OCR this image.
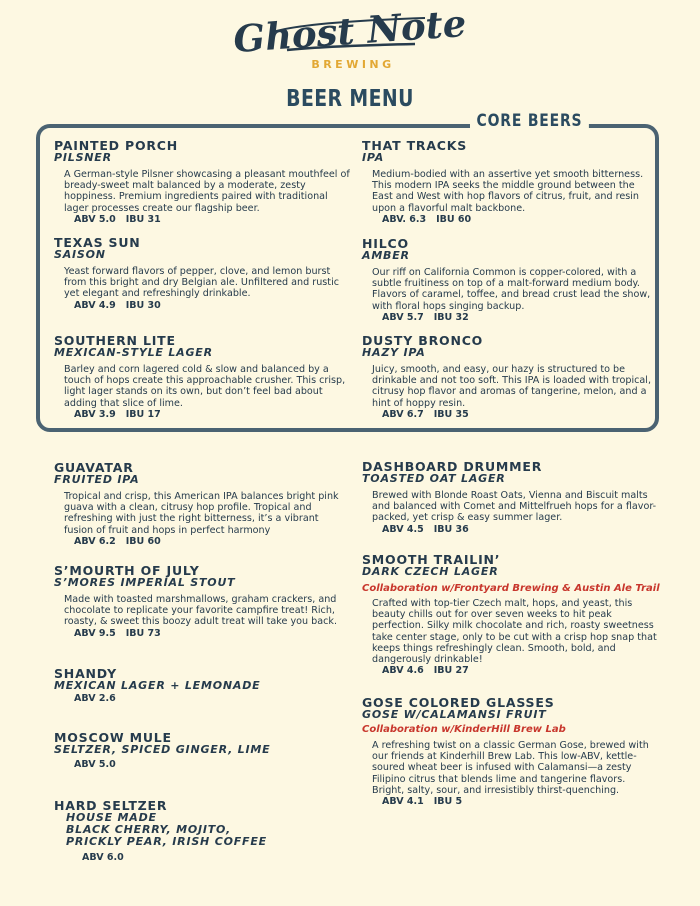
Ghost Note
BREWING
BEER MENU
CORE BEERS
PAINTED PORCH
PILSNER
A German-style Pilsner showcasing a pleasant mouthfeel of bready-sweet malt balanced by a moderate, zesty hoppiness. Premium ingredients paired with traditional lager processes create our flagship beer.
ABV 5.0 IBU 31
THAT TRACKS
IPA
Medium-bodied with an assertive yet smooth bitterness. This modern IPA seeks the middle ground between the East and West with hop flavors of citrus, fruit, and resin upon a flavorful malt backbone.
ABV. 6.3 IBU 60
TEXAS SUN
SAISON
Yeast forward flavors of pepper, clove, and lemon burst from this bright and dry Belgian ale. Unfiltered and rustic yet elegant and refreshingly drinkable.
ABV 4.9 IBU 30
HILCO
AMBER
Our riff on California Common is copper-colored, with a subtle fruitiness on top of a malt-forward medium body. Flavors of caramel, toffee, and bread crust lead the show, with floral hops singing backup.
ABV 5.7 IBU 32
SOUTHERN LITE
MEXICAN-STYLE LAGER
Barley and corn lagered cold & slow and balanced by a touch of hops create this approachable crusher. This crisp, light lager stands on its own, but don’t feel bad about adding that slice of lime.
ABV 3.9 IBU 17
DUSTY BRONCO
HAZY IPA
Juicy, smooth, and easy, our hazy is structured to be drinkable and not too soft. This IPA is loaded with tropical, citrusy hop flavor and aromas of tangerine, melon, and a hint of hoppy resin.
ABV 6.7 IBU 35
GUAVATAR
FRUITED IPA
Tropical and crisp, this American IPA balances bright pink guava with a clean, citrusy hop profile. Tropical and refreshing with just the right bitterness, it’s a vibrant fusion of fruit and hops in perfect harmony
ABV 6.2 IBU 60
DASHBOARD DRUMMER
TOASTED OAT LAGER
Brewed with Blonde Roast Oats, Vienna and Biscuit malts and balanced with Comet and Mittelfrueh hops for a flavor-packed, yet crisp & easy summer lager.
ABV 4.5 IBU 36
S’MOURTH OF JULY
S’MORES IMPERIAL STOUT
Made with toasted marshmallows, graham crackers, and chocolate to replicate your favorite campfire treat! Rich, roasty, & sweet this boozy adult treat will take you back.
ABV 9.5 IBU 73
SMOOTH TRAILIN’
DARK CZECH LAGER
Collaboration w/Frontyard Brewing & Austin Ale Trail
Crafted with top-tier Czech malt, hops, and yeast, this beauty chills out for over seven weeks to hit peak perfection. Silky milk chocolate and rich, roasty sweetness take center stage, only to be cut with a crisp hop snap that keeps things refreshingly clean. Smooth, bold, and dangerously drinkable!
ABV 4.6 IBU 27
SHANDY
MEXICAN LAGER + LEMONADE
ABV 2.6	GOSE COLORED GLASSES
GOSE W/CALAMANSI FRUIT
Collaboration w/KinderHill Brew Lab
A refreshing twist on a classic German Gose, brewed with our friends at Kinderhill Brew Lab. This low-ABV, kettle-soured wheat beer is infused with Calamansi—a zesty Filipino citrus that blends lime and tangerine flavors. Bright, salty, sour, and irresistibly thirst-quenching.
ABV 4.1 IBU 5
MOSCOW MULE
SELTZER, SPICED GINGER, LIME
ABV 5.0
HARD SELTZER
HOUSE MADE
BLACK CHERRY, MOJITO,
PRICKLY PEAR, IRISH COFFEE
ABV 6.0
